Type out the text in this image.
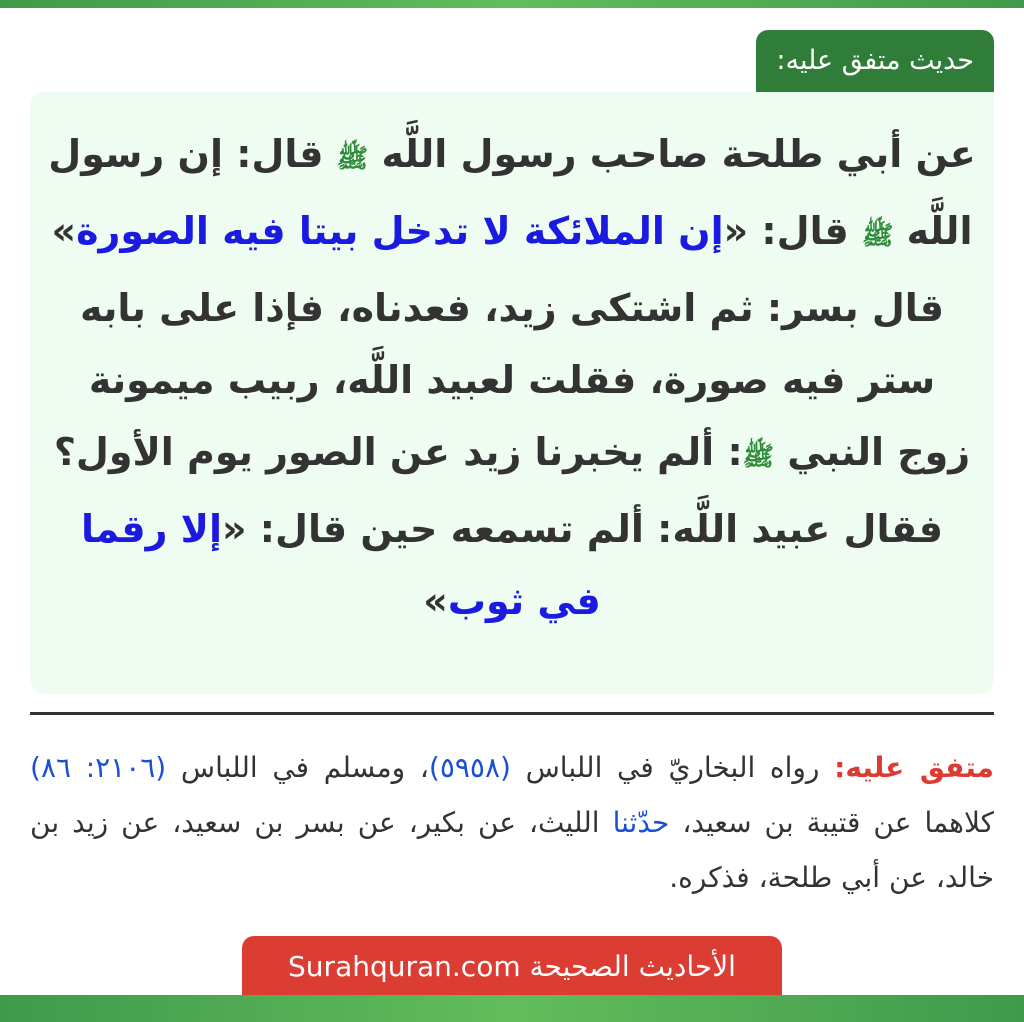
حديث متفق عليه:

عن أبي طلحة صاحب رسول اللَّه ﷺ قال: إن رسول اللَّه ﷺ قال: «إن الملائكة لا تدخل بيتا فيه الصورة»
قال بسر: ثم اشتكى زيد، فعدناه، فإذا على بابه ستر فيه صورة، فقلت لعبيد اللَّه، ربيب ميمونة زوج النبي ﷺ: ألم يخبرنا زيد عن الصور يوم الأول؟ فقال عبيد اللَّه: ألم تسمعه حين قال: «إلا رقما في ثوب»

متفق عليه: رواه البخاريّ في اللباس (٥٩٥٨)، ومسلم في اللباس (٢١٠٦: ٨٦) كلاهما عن قتيبة بن سعيد، حدّثنا الليث، عن بكير، عن بسر بن سعيد، عن زيد بن خالد، عن أبي طلحة، فذكره.

الأحاديث الصحيحة Surahquran.com
